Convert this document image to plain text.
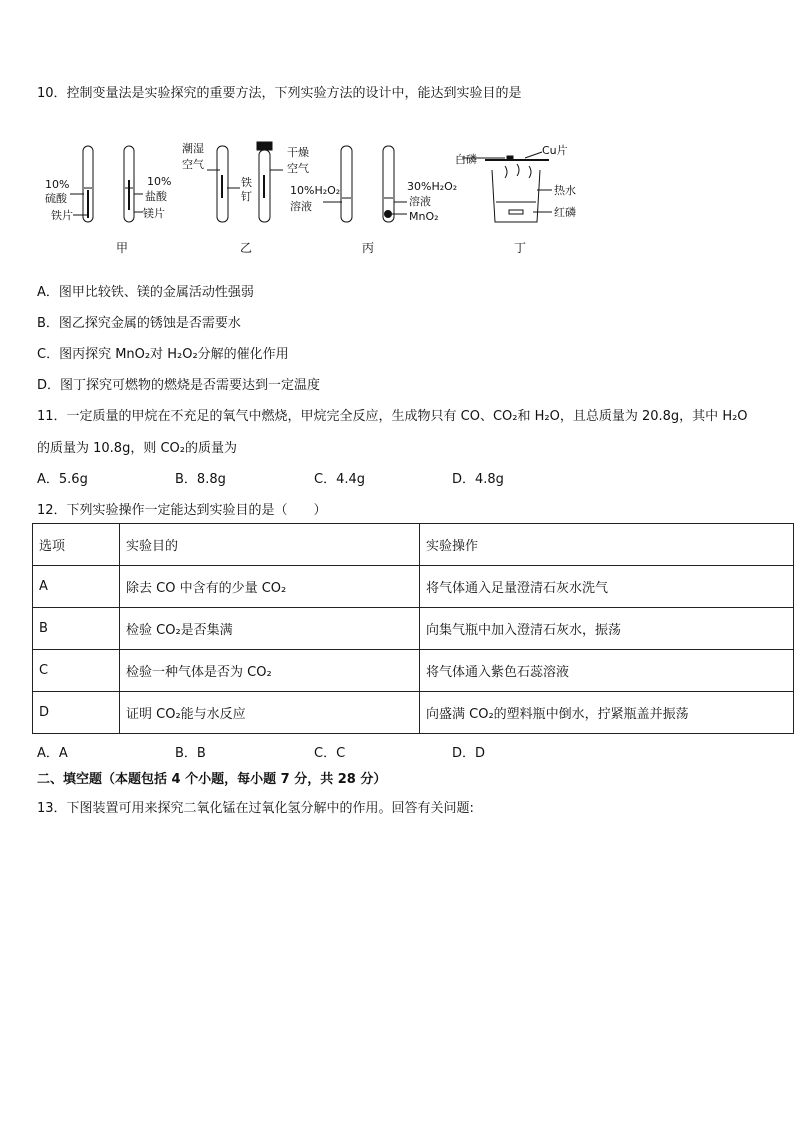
10．控制变量法是实验探究的重要方法，下列实验方法的设计中，能达到实验目的是
10%
硫酸
铁片
10%
盐酸
镁片
甲
潮湿
空气
干燥
空气
铁
钉
乙
10%H₂O₂
溶液
30%H₂O₂
溶液
MnO₂
丙
白磷
Cu片
热水
红磷
丁
A．图甲比较铁、镁的金属活动性强弱
B．图乙探究金属的锈蚀是否需要水
C．图丙探究 MnO₂对 H₂O₂分解的催化作用
D．图丁探究可燃物的燃烧是否需要达到一定温度
11．一定质量的甲烷在不充足的氧气中燃烧，甲烷完全反应，生成物只有 CO、CO₂和 H₂O，且总质量为 20.8g，其中 H₂O
的质量为 10.8g，则 CO₂的质量为
A．5.6g	B．8.8g	C．4.4g	D．4.8g
12．下列实验操作一定能达到实验目的是（　　）
选项	实验目的	实验操作
A	除去 CO 中含有的少量 CO₂	将气体通入足量澄清石灰水洗气
B	检验 CO₂是否集满	向集气瓶中加入澄清石灰水，振荡
C	检验一种气体是否为 CO₂	将气体通入紫色石蕊溶液
D	证明 CO₂能与水反应	向盛满 CO₂的塑料瓶中倒水，拧紧瓶盖并振荡
A．A	B．B	C．C	D．D
二、填空题（本题包括 4 个小题，每小题 7 分，共 28 分）
13．下图装置可用来探究二氧化锰在过氧化氢分解中的作用。回答有关问题:
